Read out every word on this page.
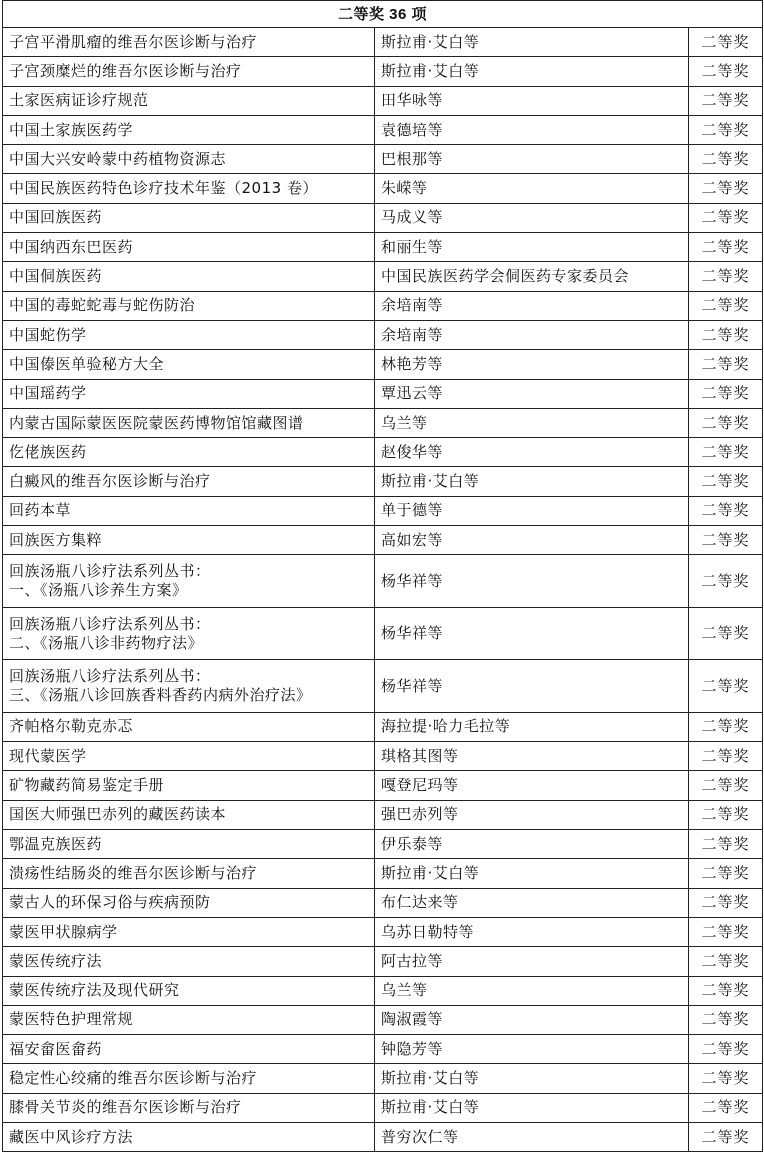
二等奖 36 项		

子宫平滑肌瘤的维吾尔医诊断与治疗	斯拉甫·艾白等	二等奖

子宫颈糜烂的维吾尔医诊断与治疗	斯拉甫·艾白等	二等奖

土家医病证诊疗规范	田华咏等	二等奖

中国土家族医药学	袁德培等	二等奖

中国大兴安岭蒙中药植物资源志	巴根那等	二等奖

中国民族医药特色诊疗技术年鉴（2013 卷）	朱嵘等	二等奖

中国回族医药	马成义等	二等奖

中国纳西东巴医药	和丽生等	二等奖

中国侗族医药	中国民族医药学会侗医药专家委员会	二等奖

中国的毒蛇蛇毒与蛇伤防治	余培南等	二等奖

中国蛇伤学	余培南等	二等奖

中国傣医单验秘方大全	林艳芳等	二等奖

中国瑶药学	覃迅云等	二等奖

内蒙古国际蒙医医院蒙医药博物馆馆藏图谱	乌兰等	二等奖

仡佬族医药	赵俊华等	二等奖

白癜风的维吾尔医诊断与治疗	斯拉甫·艾白等	二等奖

回药本草	单于德等	二等奖

回族医方集粹	高如宏等	二等奖

回族汤瓶八诊疗法系列丛书：
一、《汤瓶八诊养生方案》	杨华祥等	二等奖

回族汤瓶八诊疗法系列丛书：
二、《汤瓶八诊非药物疗法》	杨华祥等	二等奖

回族汤瓶八诊疗法系列丛书：
三、《汤瓶八诊回族香料香药内病外治疗法》	杨华祥等	二等奖

齐帕格尔勒克赤忑	海拉提·哈力毛拉等	二等奖

现代蒙医学	琪格其图等	二等奖

矿物藏药简易鉴定手册	嘎登尼玛等	二等奖

国医大师强巴赤列的藏医药读本	强巴赤列等	二等奖

鄂温克族医药	伊乐泰等	二等奖

溃疡性结肠炎的维吾尔医诊断与治疗	斯拉甫·艾白等	二等奖

蒙古人的环保习俗与疾病预防	布仁达来等	二等奖

蒙医甲状腺病学	乌苏日勒特等	二等奖

蒙医传统疗法	阿古拉等	二等奖

蒙医传统疗法及现代研究	乌兰等	二等奖

蒙医特色护理常规	陶淑霞等	二等奖

福安畲医畲药	钟隐芳等	二等奖

稳定性心绞痛的维吾尔医诊断与治疗	斯拉甫·艾白等	二等奖

膝骨关节炎的维吾尔医诊断与治疗	斯拉甫·艾白等	二等奖

藏医中风诊疗方法	普穷次仁等	二等奖
